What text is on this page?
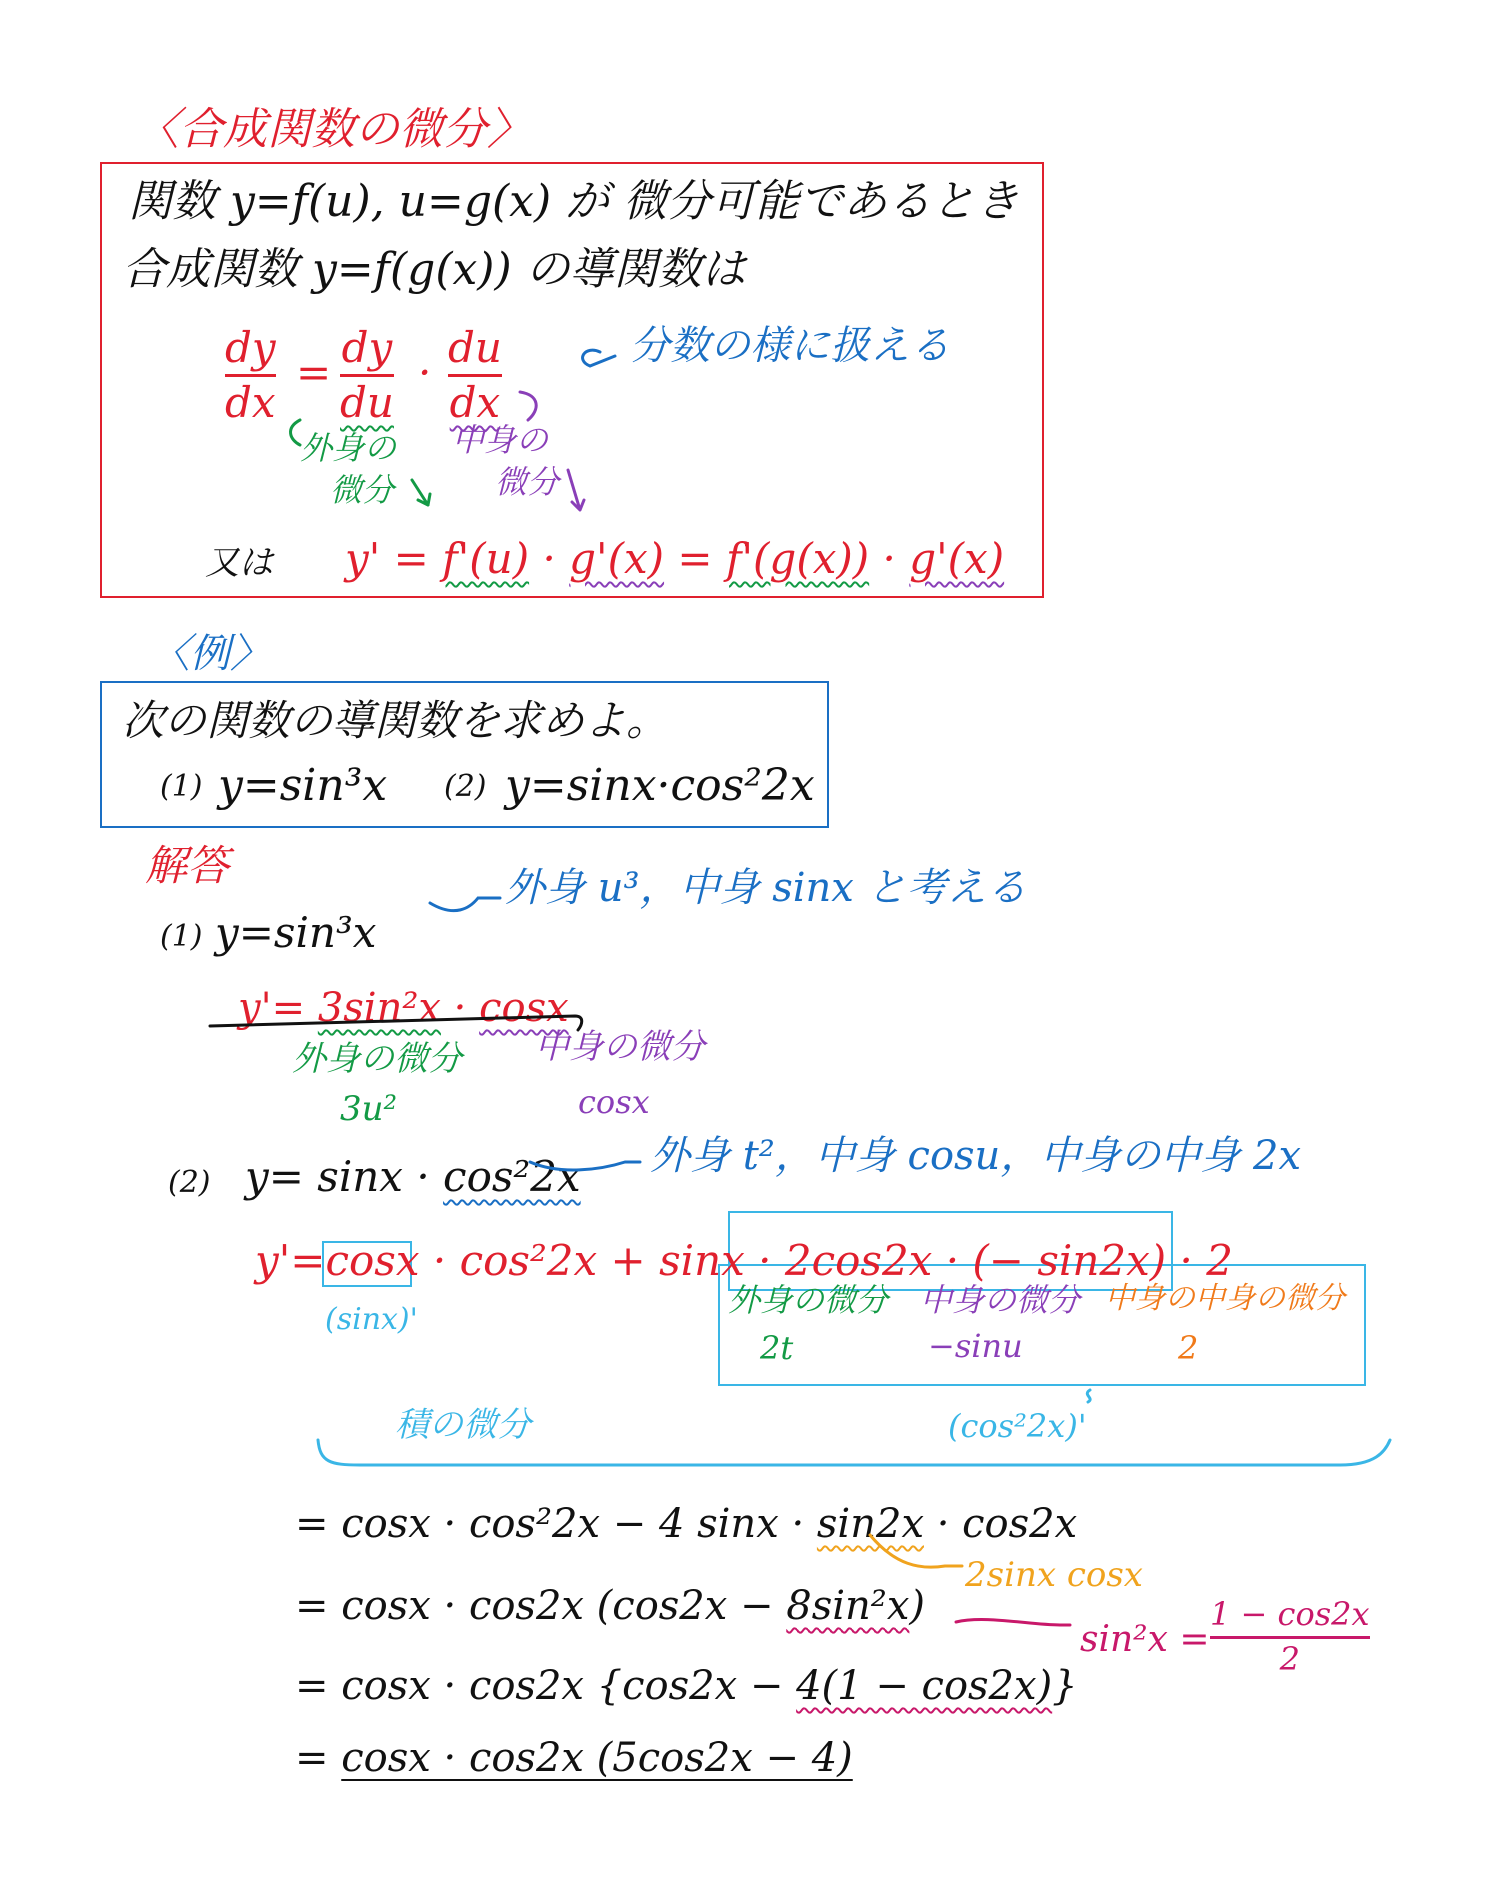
〈合成関数の微分〉
関数 y=f(u), u=g(x) が 微分可能であるとき
合成関数 y=f(g(x)) の導関数は
dy
dx
=
dy
du
·
du
dx
分数の様に扱える
外身の
微分
中身の
微分
又は y' = f'(u) · g'(x) = f'(g(x)) · g'(x)
〈例〉
次の関数の導関数を求めよ。
(1) y=sin³x (2) y=sinx·cos²2x
解答
(1) y=sin³x
外身 u³，中身 sinx と考える
y'= 3sin²x · cosx
外身の微分
3u²
中身の微分
cosx
(2) y= sinx · cos²2x 外身 t²，中身 cosu，中身の中身 2x
y'=cosx · cos²2x + sinx · 2cos2x · (− sin2x) · 2
(sinx)'
外身の微分
2t
中身の微分
−sinu
中身の中身の微分
2
積の微分	(cos²2x)'
= cosx · cos²2x − 4 sinx · sin2x · cos2x
2sinx cosx
= cosx · cos2x (cos2x − 8sin²x)
sin²x =
1 − cos2x
2
= cosx · cos2x {cos2x − 4(1 − cos2x)}
= cosx · cos2x (5cos2x − 4)
